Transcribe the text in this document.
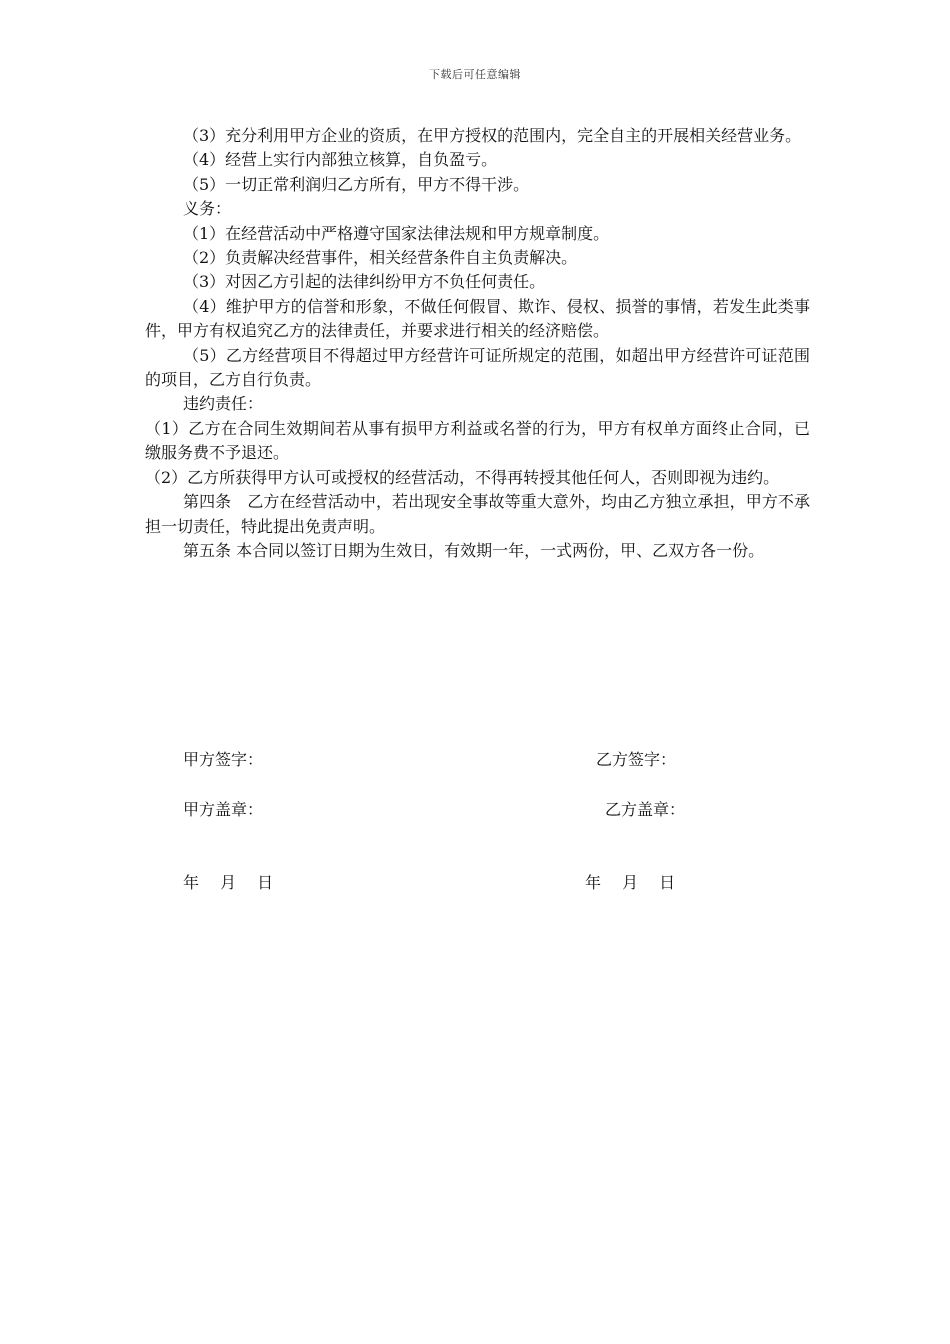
下载后可任意编辑

（3）充分利用甲方企业的资质，在甲方授权的范围内，完全自主的开展相关经营业务。

（4）经营上实行内部独立核算，自负盈亏。

（5）一切正常利润归乙方所有，甲方不得干涉。

义务：

（1）在经营活动中严格遵守国家法律法规和甲方规章制度。

（2）负责解决经营事件，相关经营条件自主负责解决。

（3）对因乙方引起的法律纠纷甲方不负任何责任。

（4）维护甲方的信誉和形象，不做任何假冒、欺诈、侵权、损誉的事情，若发生此类事件，甲方有权追究乙方的法律责任，并要求进行相关的经济赔偿。

（5）乙方经营项目不得超过甲方经营许可证所规定的范围，如超出甲方经营许可证范围的项目，乙方自行负责。

违约责任：

（1）乙方在合同生效期间若从事有损甲方利益或名誉的行为，甲方有权单方面终止合同，已缴服务费不予退还。

（2）乙方所获得甲方认可或授权的经营活动，不得再转授其他任何人，否则即视为违约。

第四条　乙方在经营活动中，若出现安全事故等重大意外，均由乙方独立承担，甲方不承担一切责任，特此提出免责声明。

第五条 本合同以签订日期为生效日，有效期一年，一式两份，甲、乙双方各一份。

甲方签字：	乙方签字：
甲方盖章：	乙方盖章：
年　 月　 日	年　 月　 日
